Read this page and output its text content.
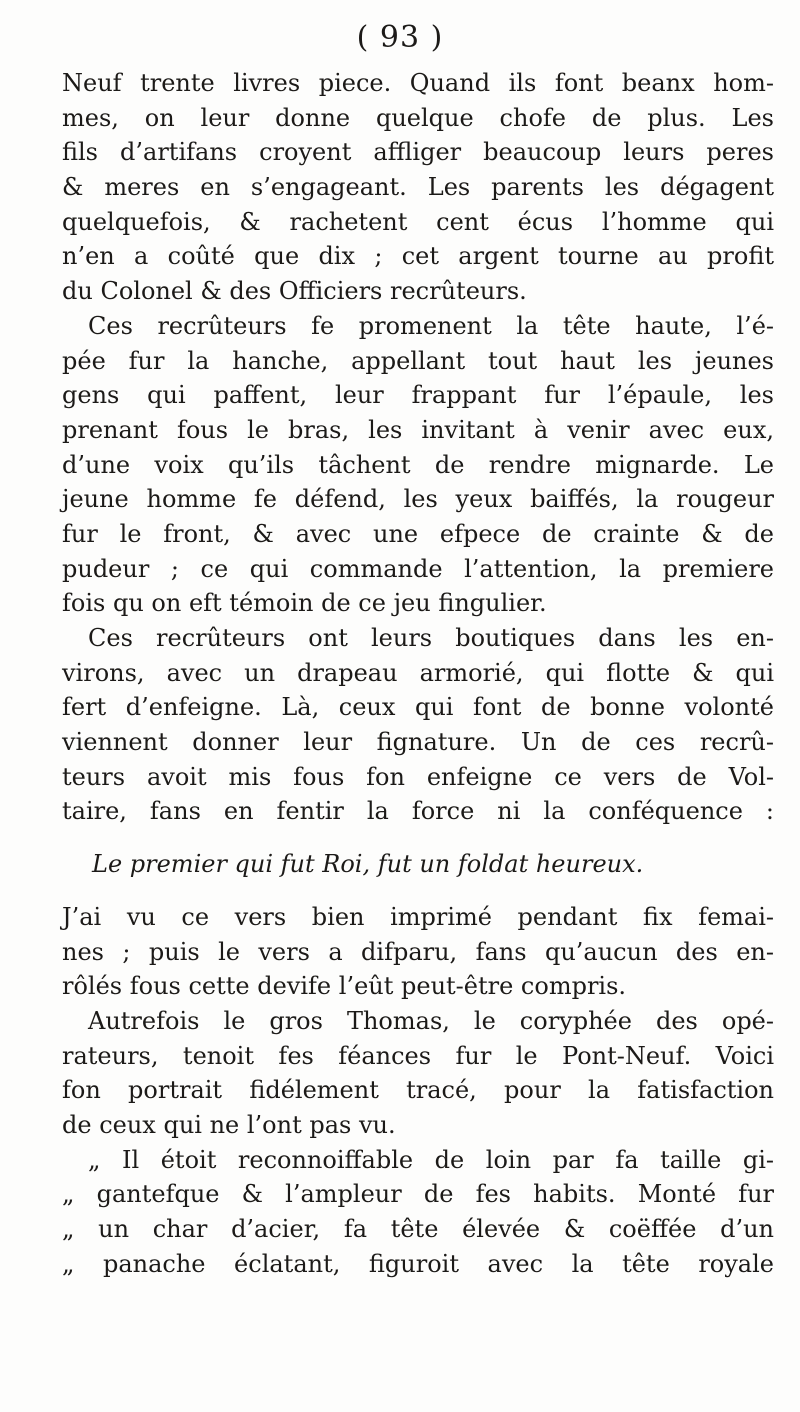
( 93 )
Neuf trente livres piece. Quand ils font beanx hom-
mes, on leur donne quelque chofe de plus. Les
fils d’artifans croyent affliger beaucoup leurs peres
& meres en s’engageant. Les parents les dégagent
quelquefois, & rachetent cent écus l’homme qui
n’en a coûté que dix ; cet argent tourne au profit
du Colonel & des Officiers recrûteurs.
Ces recrûteurs fe promenent la tête haute, l’é-
pée fur la hanche, appellant tout haut les jeunes
gens qui paffent, leur frappant fur l’épaule, les
prenant fous le bras, les invitant à venir avec eux,
d’une voix qu’ils tâchent de rendre mignarde. Le
jeune homme fe défend, les yeux baiffés, la rougeur
fur le front, & avec une efpece de crainte & de
pudeur ; ce qui commande l’attention, la premiere
fois qu on eft témoin de ce jeu fingulier.
Ces recrûteurs ont leurs boutiques dans les en-
virons, avec un drapeau armorié, qui flotte & qui
fert d’enfeigne. Là, ceux qui font de bonne volonté
viennent donner leur fignature. Un de ces recrû-
teurs avoit mis fous fon enfeigne ce vers de Vol-
taire, fans en fentir la force ni la conféquence :
Le premier qui fut Roi, fut un foldat heureux.
J’ai vu ce vers bien imprimé pendant fix femai-
nes ; puis le vers a difparu, fans qu’aucun des en-
rôlés fous cette devife l’eût peut-être compris.
Autrefois le gros Thomas, le coryphée des opé-
rateurs, tenoit fes féances fur le Pont-Neuf. Voici
fon portrait fidélement tracé, pour la fatisfaction
de ceux qui ne l’ont pas vu.
„ Il étoit reconnoiffable de loin par fa taille gi-
„ gantefque & l’ampleur de fes habits. Monté fur
„ un char d’acier, fa tête élevée & coëffée d’un
„ panache éclatant, figuroit avec la tête royale
